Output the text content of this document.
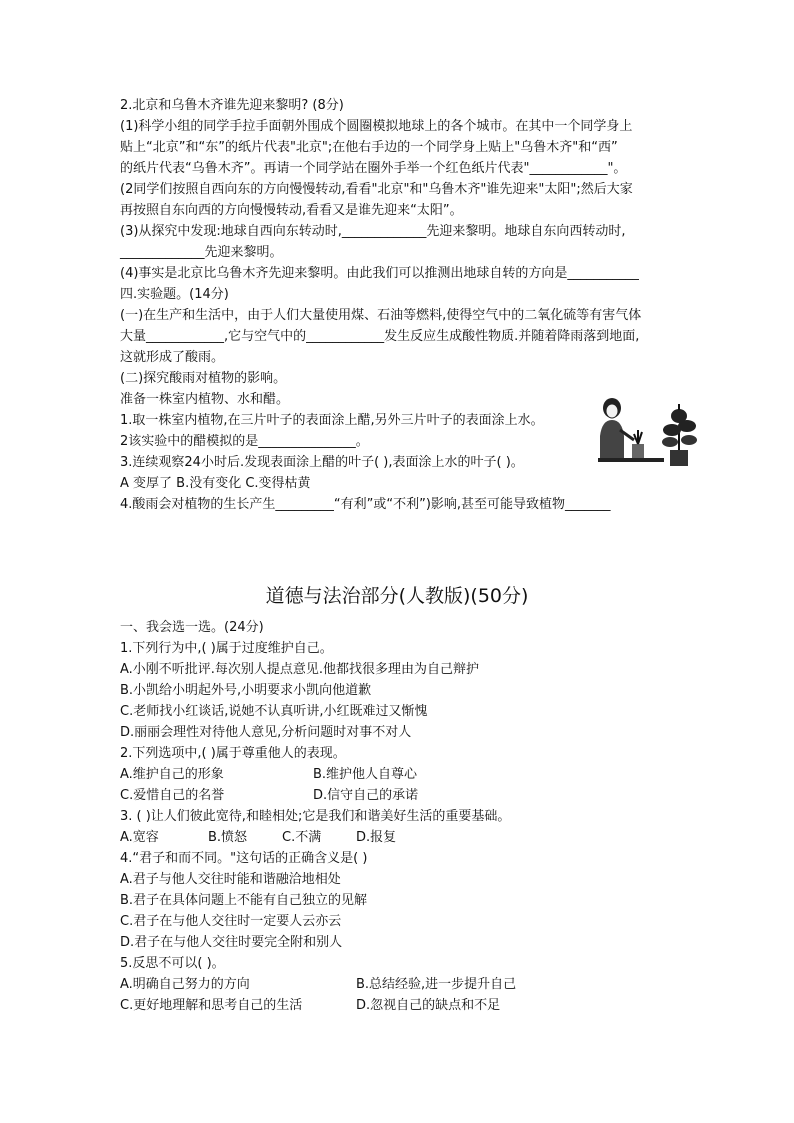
2.北京和乌鲁木齐谁先迎来黎明? (8分)
(1)科学小组的同学手拉手面朝外围成个圆圈模拟地球上的各个城市。在其中一个同学身上
贴上“北京”和“东”的纸片代表"北京";在他右手边的一个同学身上贴上"乌鲁木齐"和“西”
的纸片代表“乌鲁木齐”。再请一个同学站在圈外手举一个红色纸片代表"____________"。
(2同学们按照自西向东的方向慢慢转动,看看"北京"和"乌鲁木齐"谁先迎来"太阳";然后大家
再按照自东向西的方向慢慢转动,看看又是谁先迎来“太阳”。
(3)从探究中发现:地球自西向东转动时,_____________先迎来黎明。地球自东向西转动时,
_____________先迎来黎明。
(4)事实是北京比乌鲁木齐先迎来黎明。由此我们可以推测出地球自转的方向是___________
四.实验题。(14分)
(一)在生产和生活中，由于人们大量使用煤、石油等燃料,使得空气中的二氧化硫等有害气体
大量____________,它与空气中的____________发生反应生成酸性物质.并随着降雨落到地面,
这就形成了酸雨。
(二)探究酸雨对植物的影响。
准备一株室内植物、水和醋。
1.取一株室内植物,在三片叶子的表面涂上醋,另外三片叶子的表面涂上水。
2该实验中的醋模拟的是_______________。
3.连续观察24小时后.发现表面涂上醋的叶子( ),表面涂上水的叶子( )。
A 变厚了 B.没有变化 C.变得枯黄
4.酸雨会对植物的生长产生_________“有利”或“不利”)影响,甚至可能导致植物_______
道德与法治部分(人教版)(50分)
一、我会选一选。(24分)
1.下列行为中,( )属于过度维护自己。
A.小刚不听批评.每次别人提点意见.他都找很多理由为自己辩护
B.小凯给小明起外号,小明要求小凯向他道歉
C.老师找小红谈话,说她不认真听讲,小红既难过又惭愧
D.丽丽会理性对待他人意见,分析问题时对事不对人
2.下列选项中,( )属于尊重他人的表现。
A.维护自己的形象	B.维护他人自尊心
C.爱惜自己的名誉	D.信守自己的承诺
3. ( )让人们彼此宽待,和睦相处;它是我们和谐美好生活的重要基础。
A.宽容	B.愤怒	C.不满	D.报复
4.“君子和而不同。"这句话的正确含义是( )
A.君子与他人交往时能和谐融洽地相处
B.君子在具体问题上不能有自己独立的见解
C.君子在与他人交往时一定要人云亦云
D.君子在与他人交往时要完全附和别人
5.反思不可以( )。
A.明确自己努力的方向	B.总结经验,进一步提升自己
C.更好地理解和思考自己的生活	D.忽视自己的缺点和不足
